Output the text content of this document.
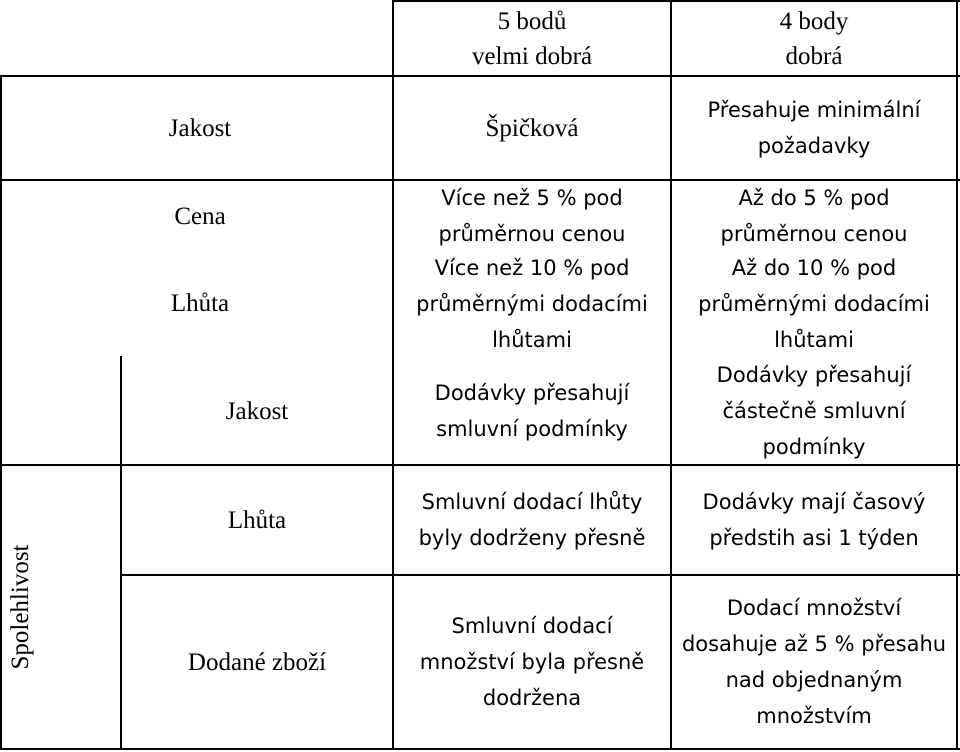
5 bodů
velmi dobrá
4 body
dobrá
Jakost	Špičková
Přesahuje minimální
požadavky
Cena
Více než 5 % pod
průměrnou cenou
Až do 5 % pod
průměrnou cenou
Lhůta
Více než 10 % pod
průměrnými dodacími
lhůtami
Až do 10 % pod
průměrnými dodacími
lhůtami
Jakost
Dodávky přesahují
smluvní podmínky
Dodávky přesahují
částečně smluvní
podmínky
Lhůta
Smluvní dodací lhůty
byly dodrženy přesně
Dodávky mají časový
předstih asi 1 týden
Dodané zboží
Smluvní dodací
množství byla přesně
dodržena
Dodací množství
dosahuje až 5 % přesahu
nad objednaným
množstvím
Spolehlivost
